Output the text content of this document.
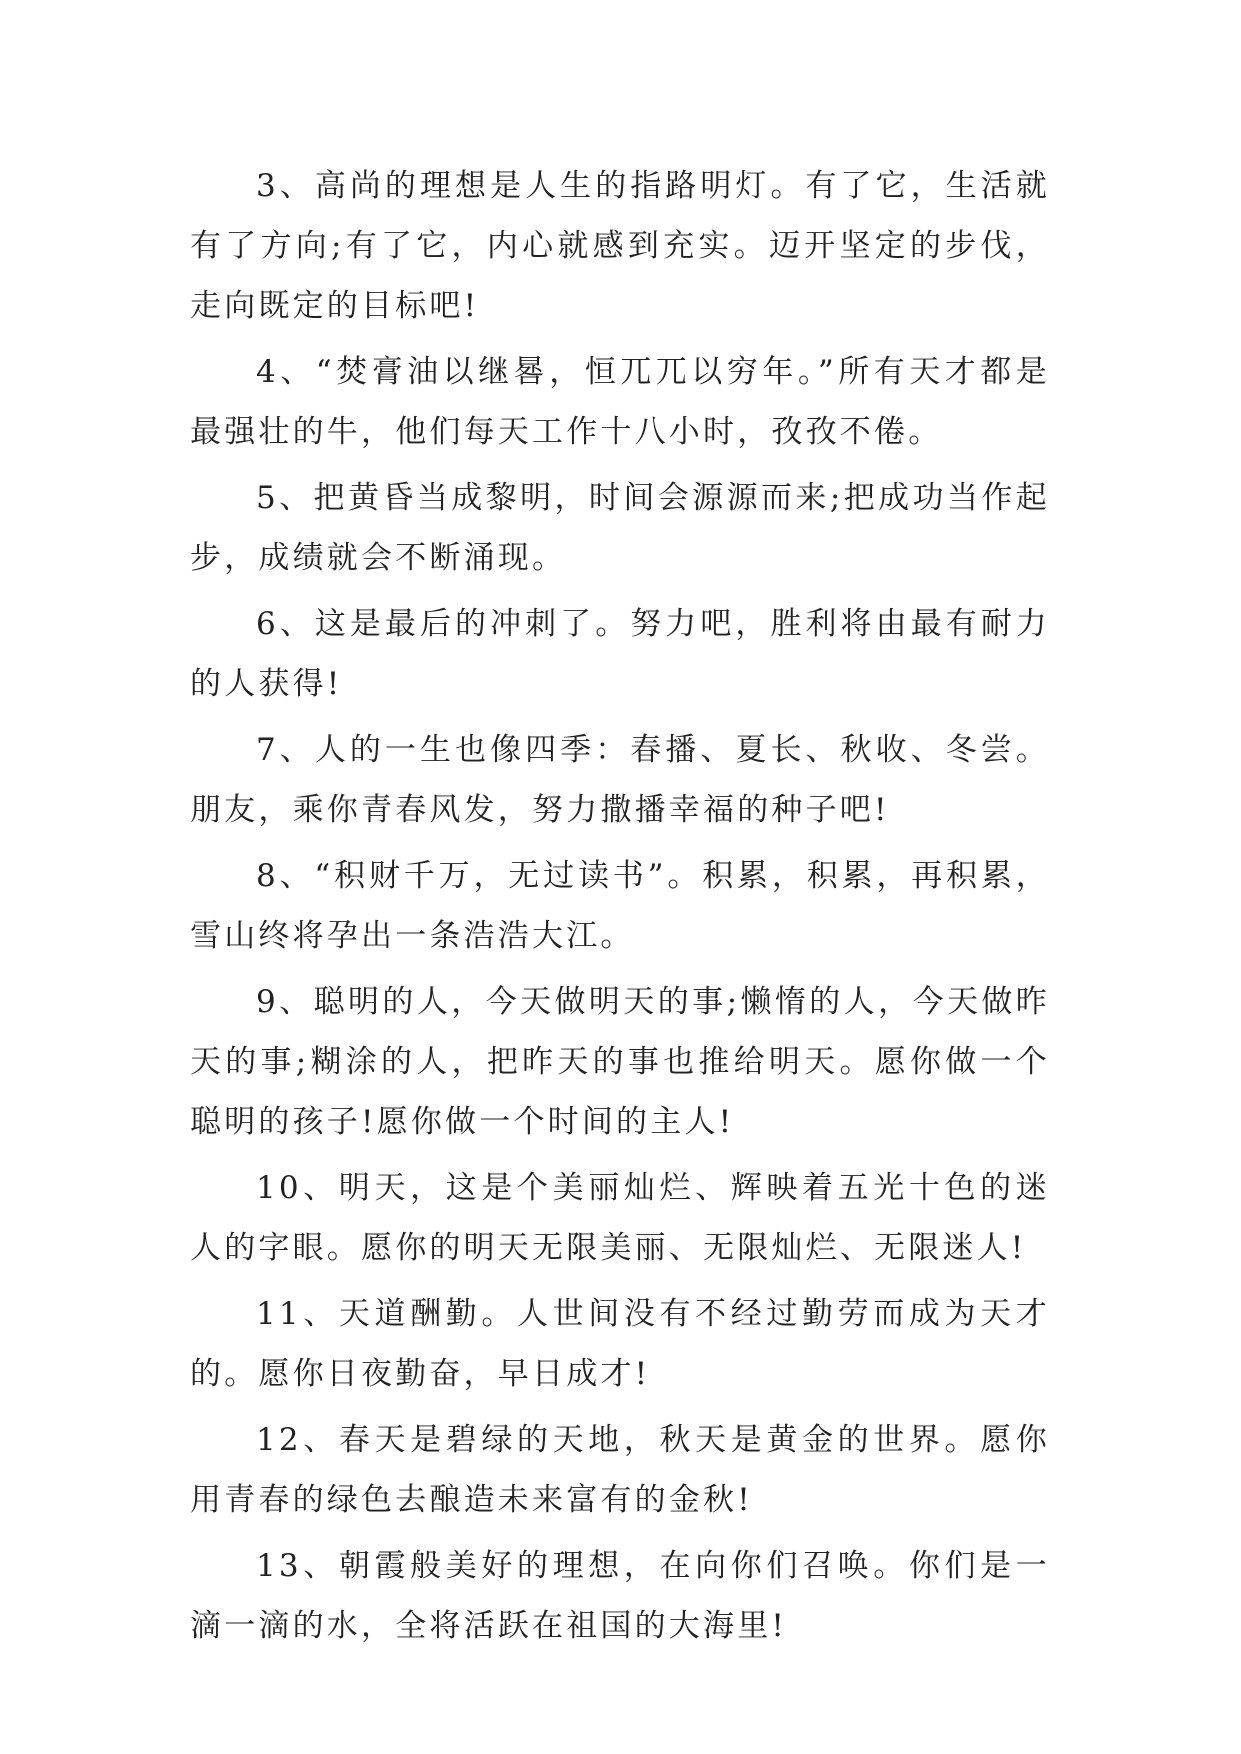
3、高尚的理想是人生的指路明灯。有了它，生活就有了方向;有了它，内心就感到充实。迈开坚定的步伐，走向既定的目标吧!

4、“焚膏油以继晷，恒兀兀以穷年。”所有天才都是最强壮的牛，他们每天工作十八小时，孜孜不倦。

5、把黄昏当成黎明，时间会源源而来;把成功当作起步，成绩就会不断涌现。

6、这是最后的冲刺了。努力吧，胜利将由最有耐力的人获得!

7、人的一生也像四季：春播、夏长、秋收、冬尝。朋友，乘你青春风发，努力撒播幸福的种子吧!

8、“积财千万，无过读书”。积累，积累，再积累，雪山终将孕出一条浩浩大江。

9、聪明的人，今天做明天的事;懒惰的人，今天做昨天的事;糊涂的人，把昨天的事也推给明天。愿你做一个聪明的孩子!愿你做一个时间的主人!

10、明天，这是个美丽灿烂、辉映着五光十色的迷人的字眼。愿你的明天无限美丽、无限灿烂、无限迷人!

11、天道酬勤。人世间没有不经过勤劳而成为天才的。愿你日夜勤奋，早日成才!

12、春天是碧绿的天地，秋天是黄金的世界。愿你用青春的绿色去酿造未来富有的金秋!

13、朝霞般美好的理想，在向你们召唤。你们是一滴一滴的水，全将活跃在祖国的大海里!
